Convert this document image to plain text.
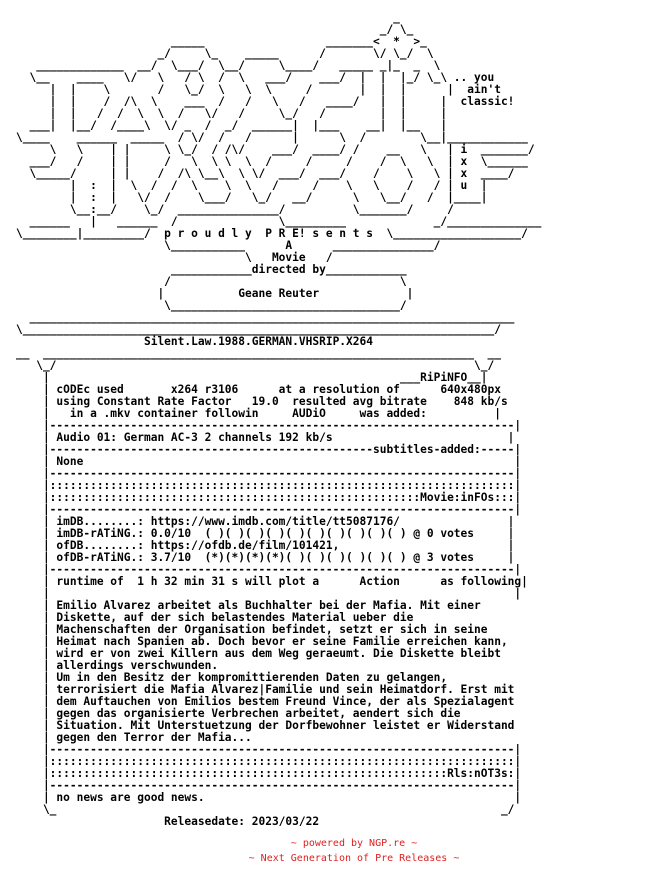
_
_/ \_
_____                  _______<  *  >_
_/     \_    _____      /       \/ \_/  \
_____________  __/  \___/  \__/     \____/   _____ _|_  _  \
\__    ____   \/   \   / \  /  \   ___/    ___/  |  |  |_/ \_\ .. you
|  |    \       /   \_/  \   \  \     /       |  |  |      |  ain't
|  |    /  /\  \    ___  /   /   \   /   ____/   |  |     |  classic!
|  |   /  /  \  \  /   \/   /     \_/   /        |  |     |
___|  |__/  /____\  \/ _  /  _/  ______|  |___    __|  |__   |
\____    ______  _____  / \/  /   /      |      \  /        \__|____________
\   \    | |     \ \_/  / /\/    ___/  ____/ /    __   \   | i  _______/
___/   /    | |     /   \  \ \  \  /     /     /    /  \   \  | x  \______
\_____/     | |    /  /\ \__\  \ \/  ___/  ___/    /    \   \ | x  ____/
|  :  |  \  /  /  \    \  \   /     /    \   \    /   / | u  |
|  :  |   \/  /    \___/   \_/   __/      \   \__/   /  |____|
\__:__/    \_/  _______________/          \_______/     /
______   |   ______  /               \_________             _/______________
\________|_________/  p r o u d l y  P R E! s e n t s  \___________________/
\___________      A      _______________/
\   Movie   /
____________directed by____________
/                                  \
|           Geane Reuter             |
\__________________________________/
________________________________________________________________________
\______________________________________________________________________/
Silent.Law.1988.GERMAN.VHSRIP.X264
__  ________________________________________________________________  __
\_/                                                              \_/
|                                                    ___RiPiNFO__|
| cODEc used       x264 r3106      at a resolution of      640x480px
| using Constant Rate Factor   19.0  resulted avg bitrate    848 kb/s
|   in a .mkv container followin     AUDiO     was added:          |
|---------------------------------------------------------------------|
| Audio 01: German AC-3 2 channels 192 kb/s                          |
|------------------------------------------------subtitles-added:-----|
| None                                                                |
|---------------------------------------------------------------------|
|:::::::::::::::::::::::::::::::::::::::::::::::::::::::::::::::::::::|
|:::::::::::::::::::::::::::::::::::::::::::::::::::::::Movie:inFOs:::|
|---------------------------------------------------------------------|
| imDB........: https://www.imdb.com/title/tt5087176/                |
| imDB-rATiNG.: 0.0/10  ( )( )( )( )( )( )( )( )( )( ) @ 0 votes     |
| ofDB........: https://ofdb.de/film/101421,                         |
| ofDB-rATiNG.: 3.7/10  (*)(*)(*)(*)( )( )( )( )( )( ) @ 3 votes     |
|---------------------------------------------------------------------|
| runtime of  1 h 32 min 31 s will plot a      Action      as following|
|                                                                     |
| Emilio Alvarez arbeitet als Buchhalter bei der Mafia. Mit einer
| Diskette, auf der sich belastendes Material ueber die
| Machenschaften der Organisation befindet, setzt er sich in seine
| Heimat nach Spanien ab. Doch bevor er seine Familie erreichen kann,
| wird er von zwei Killern aus dem Weg geraeumt. Die Diskette bleibt
| allerdings verschwunden.
| Um in den Besitz der kompromittierenden Daten zu gelangen,
| terrorisiert die Mafia Alvarez|Familie und sein Heimatdorf. Erst mit
| dem Auftauchen von Emilios bestem Freund Vince, der als Spezialagent
| gegen das organisierte Verbrechen arbeitet, aendert sich die
| Situation. Mit Unterstuetzung der Dorfbewohner leistet er Widerstand
| gegen den Terror der Mafia...
|---------------------------------------------------------------------|
|:::::::::::::::::::::::::::::::::::::::::::::::::::::::::::::::::::::|
|:::::::::::::::::::::::::::::::::::::::::::::::::::::::::::Rls:nOT3s:|
|---------------------------------------------------------------------|
| no news are good news.                                              |
\_                                                                  _/
Releasedate: 2023/03/22
~ powered by NGP.re ~
~ Next Generation of Pre Releases ~
